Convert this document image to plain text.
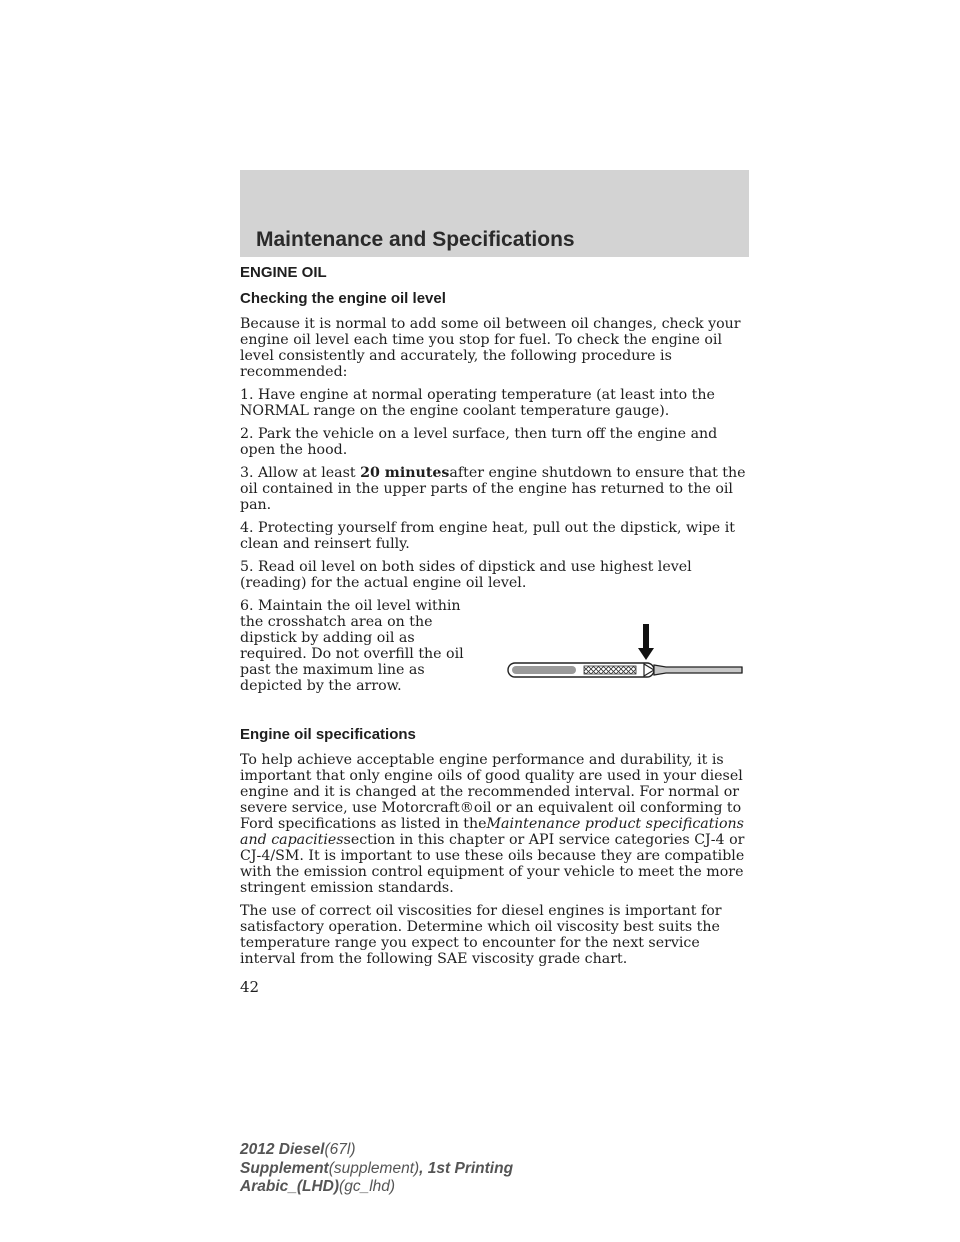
Maintenance and Specifications
ENGINE OIL
Checking the engine oil level

Because it is normal to add some oil between oil changes, check your engine oil level each time you stop for fuel. To check the engine oil level consistently and accurately, the following procedure is recommended:

1. Have engine at normal operating temperature (at least into the NORMAL range on the engine coolant temperature gauge).

2. Park the vehicle on a level surface, then turn off the engine and open the hood.

3. Allow at least 20 minutesafter engine shutdown to ensure that the oil contained in the upper parts of the engine has returned to the oil pan.

4. Protecting yourself from engine heat, pull out the dipstick, wipe it clean and reinsert fully.

5. Read oil level on both sides of dipstick and use highest level (reading) for the actual engine oil level.

6. Maintain the oil level within the crosshatch area on the dipstick by adding oil as required. Do not overfill the oil past the maximum line as depicted by the arrow.

Engine oil specifications

To help achieve acceptable engine performance and durability, it is important that only engine oils of good quality are used in your diesel engine and it is changed at the recommended interval. For normal or severe service, use Motorcraft®oil or an equivalent oil conforming to Ford specifications as listed in theMaintenance product specifications and capacitiessection in this chapter or API service categories CJ-4 or CJ-4/SM. It is important to use these oils because they are compatible with the emission control equipment of your vehicle to meet the more stringent emission standards.

The use of correct oil viscosities for diesel engines is important for satisfactory operation. Determine which oil viscosity best suits the temperature range you expect to encounter for the next service interval from the following SAE viscosity grade chart.

42
2012 Diesel(67l)
Supplement(supplement), 1st Printing
Arabic_(LHD)(gc_lhd)
